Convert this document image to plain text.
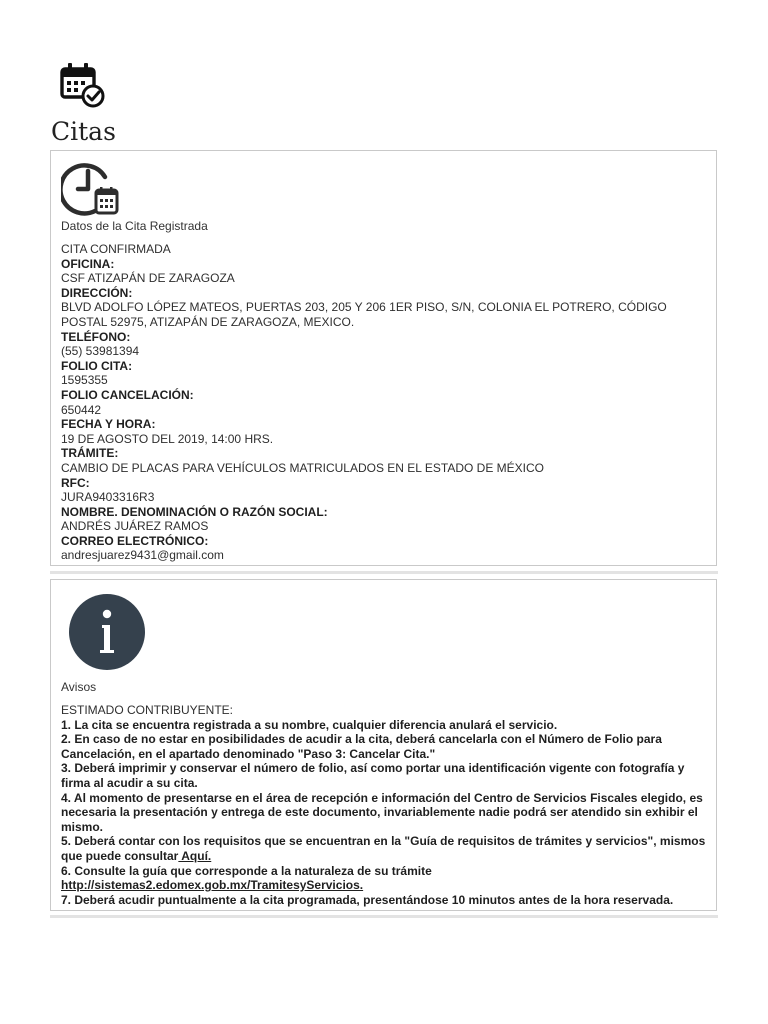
Citas
Datos de la Cita Registrada
CITA CONFIRMADA
OFICINA:
CSF ATIZAPÁN DE ZARAGOZA
DIRECCIÓN:
BLVD ADOLFO LÓPEZ MATEOS, PUERTAS 203, 205 Y 206 1ER PISO, S/N, COLONIA EL POTRERO, CÓDIGO POSTAL 52975, ATIZAPÁN DE ZARAGOZA, MEXICO.
TELÉFONO:
(55) 53981394
FOLIO CITA:
1595355
FOLIO CANCELACIÓN:
650442
FECHA Y HORA:
19 DE AGOSTO DEL 2019, 14:00 HRS.
TRÁMITE:
CAMBIO DE PLACAS PARA VEHÍCULOS MATRICULADOS EN EL ESTADO DE MÉXICO
RFC:
JURA9403316R3
NOMBRE. DENOMINACIÓN O RAZÓN SOCIAL:
ANDRÉS JUÁREZ RAMOS
CORREO ELECTRÓNICO:
andresjuarez9431@gmail.com
Avisos
ESTIMADO CONTRIBUYENTE:
1. La cita se encuentra registrada a su nombre, cualquier diferencia anulará el servicio.
2. En caso de no estar en posibilidades de acudir a la cita, deberá cancelarla con el Número de Folio para Cancelación, en el apartado denominado "Paso 3: Cancelar Cita."
3. Deberá imprimir y conservar el número de folio, así como portar una identificación vigente con fotografía y firma al acudir a su cita.
4. Al momento de presentarse en el área de recepción e información del Centro de Servicios Fiscales elegido, es necesaria la presentación y entrega de este documento, invariablemente nadie podrá ser atendido sin exhibir el mismo.
5. Deberá contar con los requisitos que se encuentran en la "Guía de requisitos de trámites y servicios", mismos que puede consultar Aquí.
6. Consulte la guía que corresponde a la naturaleza de su trámite
http://sistemas2.edomex.gob.mx/TramitesyServicios.
7. Deberá acudir puntualmente a la cita programada, presentándose 10 minutos antes de la hora reservada.
